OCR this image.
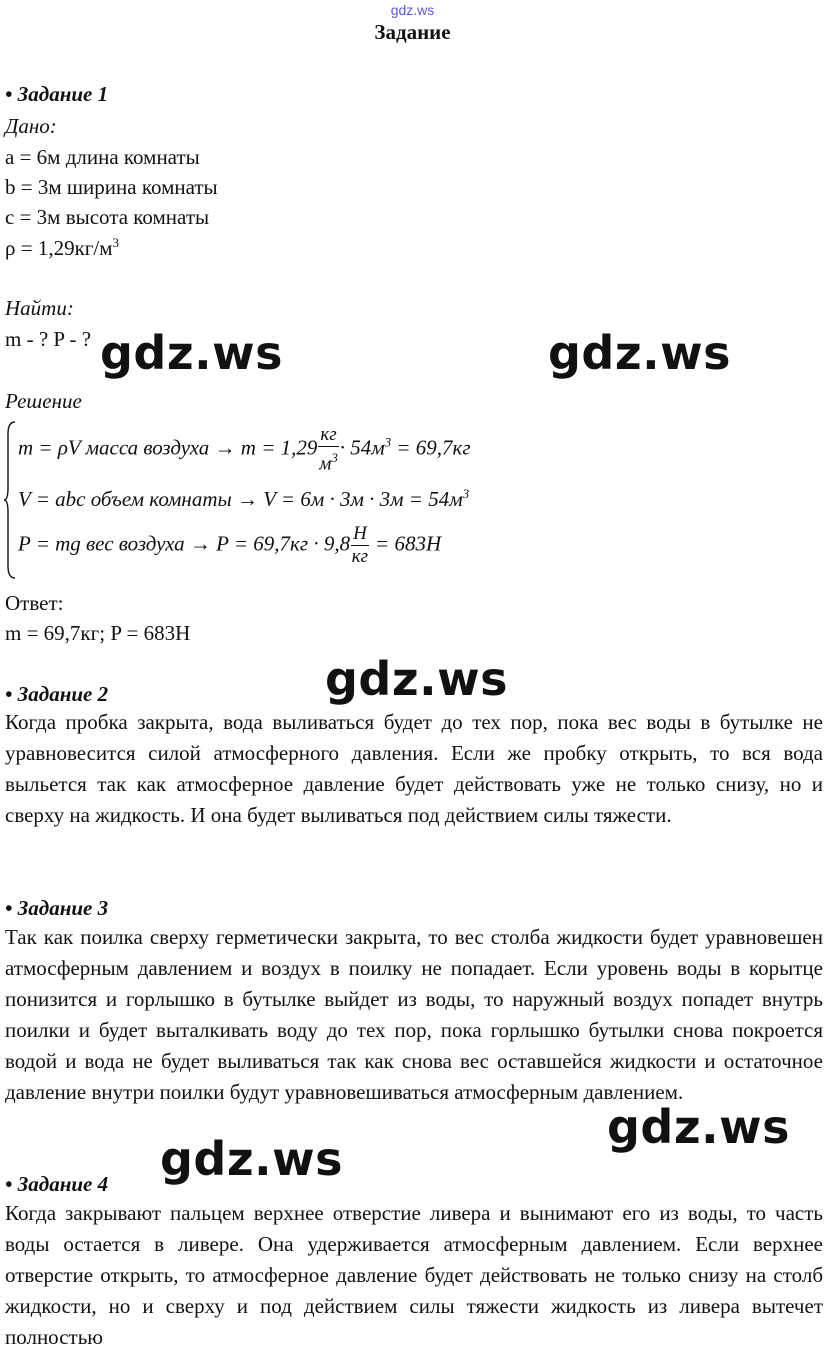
gdz.ws
Задание
• Задание 1
Дано:
a = 6м длина комнаты
b = 3м ширина комнаты
c = 3м высота комнаты
$\rho = 1,29кг/м^3$
Найти:
m - ? P - ?
Решение
m = ρV масса воздуха → $m = 1,29 \frac{кг}{м^3} \cdot 54м^3 = 69,7кг$
V = abc объем комнаты → $V = 6м \cdot 3м \cdot 3м = 54м^3$
P = mg вес воздуха → $P = 69,7кг \cdot 9,8 \frac{Н}{кг} = 683Н$
Ответ:
m = 69,7кг; P = 683Н
• Задание 2
Когда пробка закрыта, вода выливаться будет до тех пор, пока вес воды в бутылке не уравновесится силой атмосферного давления. Если же пробку открыть, то вся вода выльется так как атмосферное давление будет действовать уже не только снизу, но и сверху на жидкость. И она будет выливаться под действием силы тяжести.
• Задание 3
Так как поилка сверху герметически закрыта, то вес столба жидкости будет уравновешен атмосферным давлением и воздух в поилку не попадает. Если уровень воды в корытце понизится и горлышко в бутылке выйдет из воды, то наружный воздух попадет внутрь поилки и будет выталкивать воду до тех пор, пока горлышко бутылки снова покроется водой и вода не будет выливаться так как снова вес оставшейся жидкости и остаточное давление внутри поилки будут уравновешиваться атмосферным давлением.
• Задание 4
Когда закрывают пальцем верхнее отверстие ливера и вынимают его из воды, то часть воды остается в ливере. Она удерживается атмосферным давлением. Если верхнее отверстие открыть, то атмосферное давление будет действовать не только снизу на столб жидкости, но и сверху и под действием силы тяжести жидкость из ливера вытечет полностью
gdz.ws	gdz.ws
gdz.ws
gdz.ws
gdz.ws
